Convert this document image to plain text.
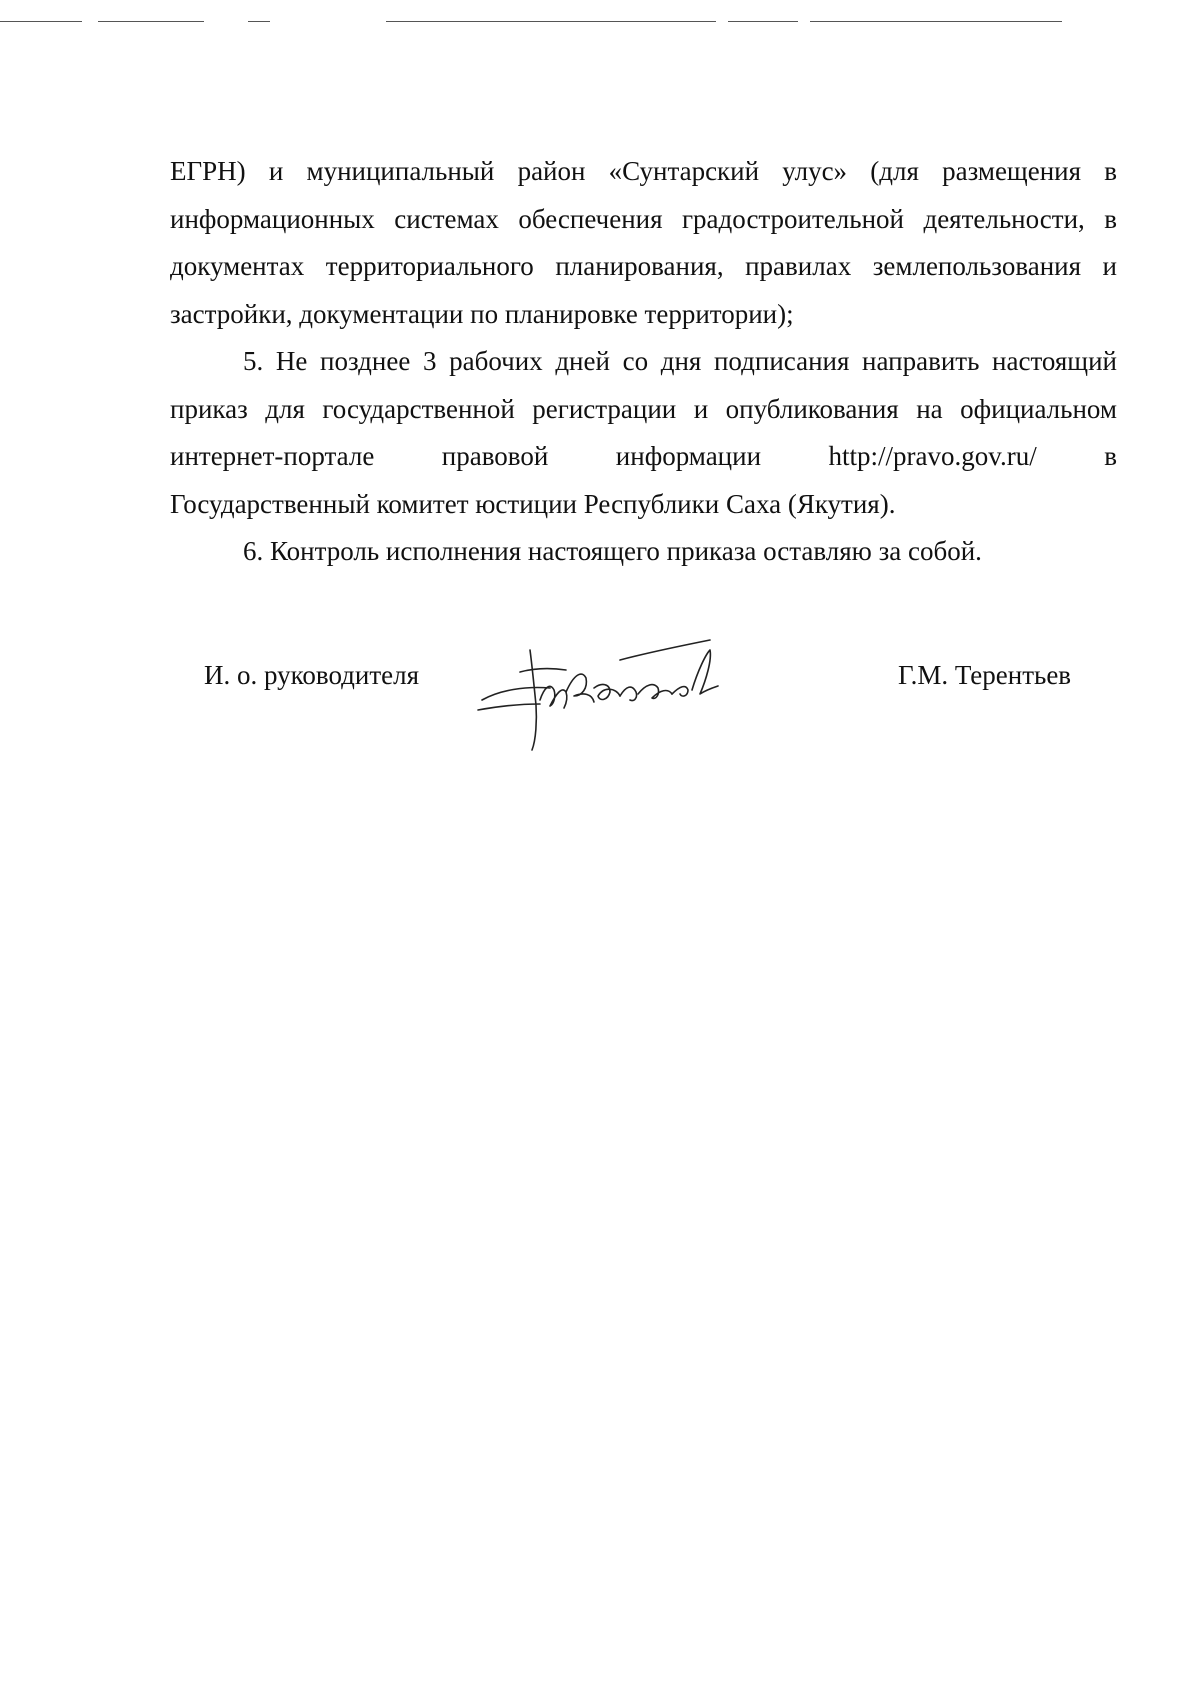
ЕГРН) и муниципальный район «Сунтарский улус» (для размещения в
информационных системах обеспечения градостроительной деятельности, в
документах территориального планирования, правилах землепользования и
застройки, документации по планировке территории);

5. Не позднее 3 рабочих дней со дня подписания направить настоящий
приказ для государственной регистрации и опубликования на официальном
интернет-портале правовой информации http://pravo.gov.ru/ в
Государственный комитет юстиции Республики Саха (Якутия).

6. Контроль исполнения настоящего приказа оставляю за собой.

И. о. руководителя	Г.М. Терентьев
